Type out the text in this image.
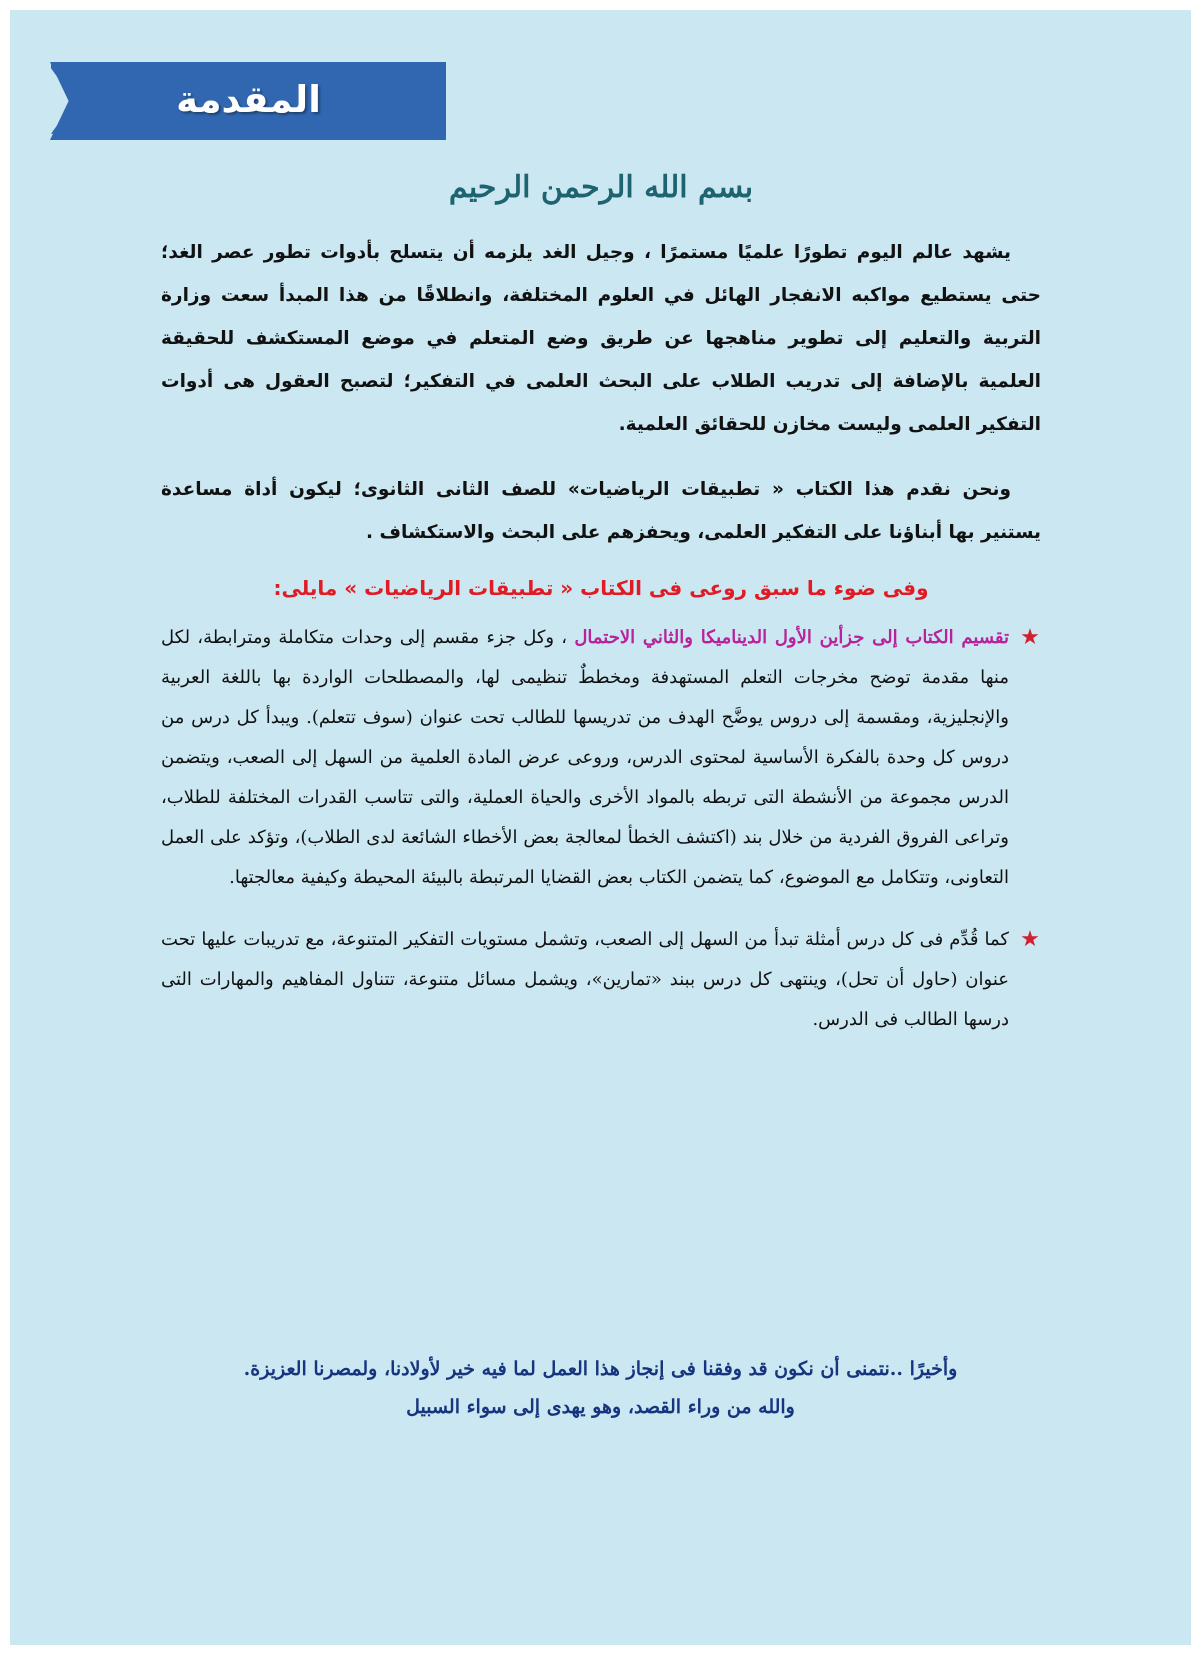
المقدمة
بسم الله الرحمن الرحيم

يشهد عالم اليوم تطورًا علميًا مستمرًا ، وجيل الغد يلزمه أن يتسلح بأدوات تطور عصر الغد؛ حتى يستطيع مواكبه الانفجار الهائل في العلوم المختلفة، وانطلاقًا من هذا المبدأ سعت وزارة التربية والتعليم إلى تطوير مناهجها عن طريق وضع المتعلم في موضع المستكشف للحقيقة العلمية بالإضافة إلى تدريب الطلاب على البحث العلمى في التفكير؛ لتصبح العقول هى أدوات التفكير العلمى وليست مخازن للحقائق العلمية.

ونحن نقدم هذا الكتاب « تطبيقات الرياضيات» للصف الثانى الثانوى؛ ليكون أداة مساعدة يستنير بها أبناؤنا على التفكير العلمى، ويحفزهم على البحث والاستكشاف .

وفى ضوء ما سبق روعى فى الكتاب « تطبيقات الرياضيات » مايلى:
★
تقسيم الكتاب إلى جزأين الأول الديناميكا والثاني الاحتمال ، وكل جزء مقسم إلى وحدات متكاملة ومترابطة، لكل منها مقدمة توضح مخرجات التعلم المستهدفة ومخططٌ تنظيمى لها، والمصطلحات الواردة بها باللغة العربية والإنجليزية، ومقسمة إلى دروس يوضَّح الهدف من تدريسها للطالب تحت عنوان (سوف تتعلم). ويبدأ كل درس من دروس كل وحدة بالفكرة الأساسية لمحتوى الدرس، وروعى عرض المادة العلمية من السهل إلى الصعب، ويتضمن الدرس مجموعة من الأنشطة التى تربطه بالمواد الأخرى والحياة العملية، والتى تتاسب القدرات المختلفة للطلاب، وتراعى الفروق الفردية من خلال بند (اكتشف الخطأ لمعالجة بعض الأخطاء الشائعة لدى الطلاب)، وتؤكد على العمل التعاونى، وتتكامل مع الموضوع، كما يتضمن الكتاب بعض القضايا المرتبطة بالبيئة المحيطة وكيفية معالجتها.
★
كما قُدِّم فى كل درس أمثلة تبدأ من السهل إلى الصعب، وتشمل مستويات التفكير المتنوعة، مع تدريبات عليها تحت عنوان (حاول أن تحل)، وينتهى كل درس ببند «تمارين»، ويشمل مسائل متنوعة، تتناول المفاهيم والمهارات التى درسها الطالب فى الدرس.
وأخيرًا ..نتمنى أن نكون قد وفقنا فى إنجاز هذا العمل لما فيه خير لأولادنا، ولمصرنا العزيزة.
والله من وراء القصد، وهو يهدى إلى سواء السبيل
